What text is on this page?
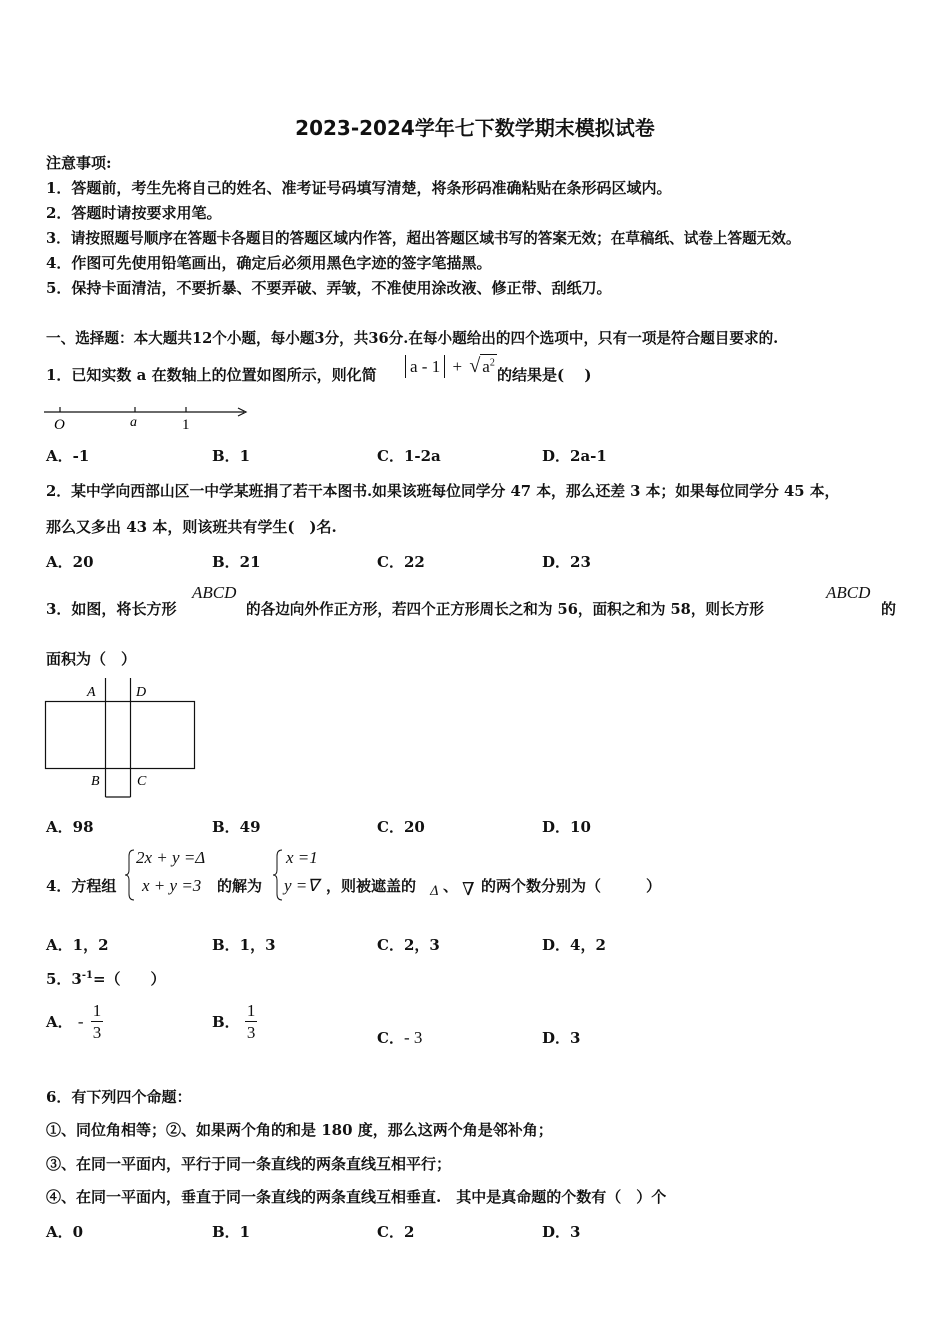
2023-2024学年七下数学期末模拟试卷
注意事项:
1．答题前，考生先将自己的姓名、准考证号码填写清楚，将条形码准确粘贴在条形码区域内。
2．答题时请按要求用笔。
3．请按照题号顺序在答题卡各题目的答题区域内作答，超出答题区域书写的答案无效；在草稿纸、试卷上答题无效。
4．作图可先使用铅笔画出，确定后必须用黑色字迹的签字笔描黑。
5．保持卡面清洁，不要折暴、不要弄破、弄皱，不准使用涂改液、修正带、刮纸刀。
一、选择题：本大题共12个小题，每小题3分，共36分.在每小题给出的四个选项中，只有一项是符合题目要求的.
1．已知实数 a 在数轴上的位置如图所示，则化简 a - 1 + √ $a^2$
的结果是(　 )
O	a	1
A．-1	B．1	C．1-2a	D．2a-1
2．某中学向西部山区一中学某班捐了若干本图书.如果该班每位同学分 47 本，那么还差 3 本；如果每位同学分 45 本，
那么又多出 43 本，则该班共有学生(　)名.
A．20	B．21	C．22	D．23
3．如图，将长方形
ABCD
的各边向外作正方形，若四个正方形周长之和为 56，面积之和为 58，则长方形
ABCD
的
面积为（　）
A	D
B	C
A．98	B．49	C．20	D．10
4．方程组
2x + y =Δ
x + y =3 的解为
x =1
y =∇ ，则被遮盖的 Δ 、 ∇ 的两个数分别为（　　　）
A．1，2	B．1，3	C．2，3	D．4，2
5．$3^{-1}=$（　　）
A． - $\frac{1}{3}$	B． $\frac{1}{3}$	C．- 3	D．3
6．有下列四个命题：
①、同位角相等；②、如果两个角的和是 180 度，那么这两个角是邻补角；
③、在同一平面内，平行于同一条直线的两条直线互相平行；
④、在同一平面内，垂直于同一条直线的两条直线互相垂直.　其中是真命题的个数有（　）个
A．0	B．1	C．2	D．3
